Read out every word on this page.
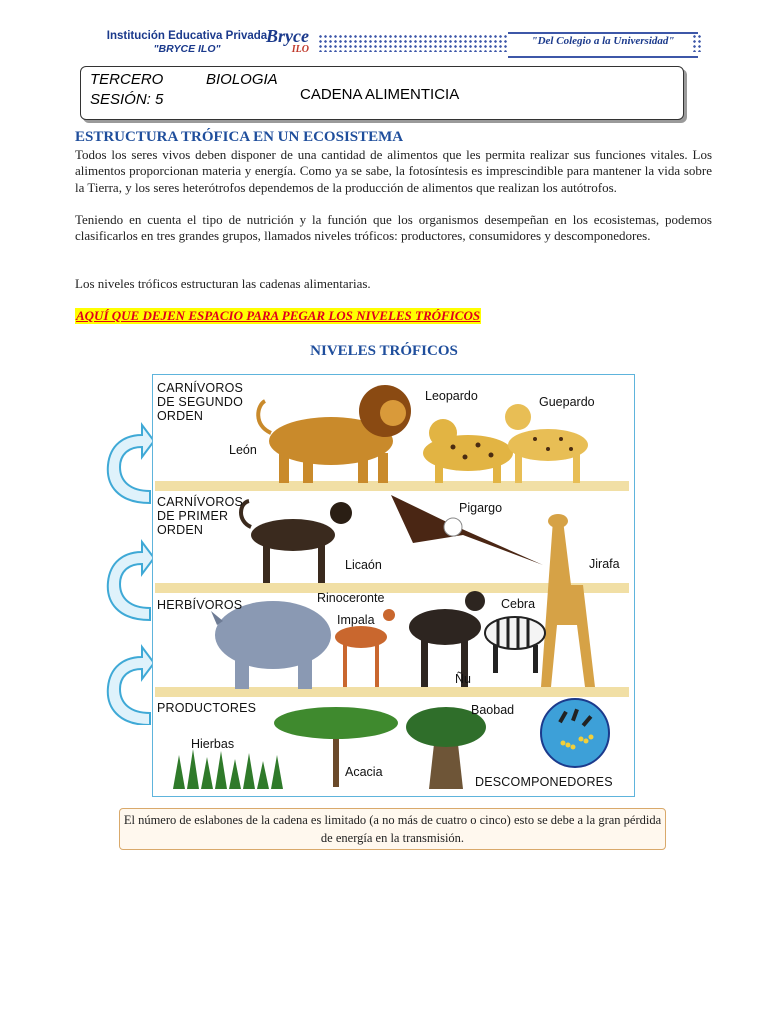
Institución Educativa Privada
"BRYCE ILO"
Bryce
ILO
"Del Colegio a la Universidad"
TERCERO
SESIÓN: 5
BIOLOGIA
CADENA ALIMENTICIA
ESTRUCTURA TRÓFICA EN UN ECOSISTEMA
Todos los seres vivos deben disponer de una cantidad de alimentos que les permita realizar sus funciones vitales. Los alimentos proporcionan materia y energía. Como ya se sabe, la fotosíntesis es imprescindible para mantener la vida sobre la Tierra, y los seres heterótrofos dependemos de la producción de alimentos que realizan los autótrofos.
Teniendo en cuenta el tipo de nutrición y la función que los organismos desempeñan en los ecosistemas, podemos clasificarlos en tres grandes grupos, llamados niveles tróficos: productores, consumidores y descomponedores.
Los niveles tróficos estructuran las cadenas alimentarias.
AQUÍ QUE DEJEN ESPACIO PARA PEGAR LOS NIVELES TRÓFICOS
NIVELES TRÓFICOS
CARNÍVOROS
DE SEGUNDO
ORDEN
CARNÍVOROS
DE PRIMER
ORDEN
HERBÍVOROS
PRODUCTORES
DESCOMPONEDORES
León
Leopardo	Guepardo
Pigargo
Licaón	Jirafa
Rinoceronte
Impala
Cebra
Ñu
Hierbas
Acacia
Baobad
El número de eslabones de la cadena es limitado (a no más de cuatro o cinco) esto se debe a la gran pérdida de energía en la transmisión.
